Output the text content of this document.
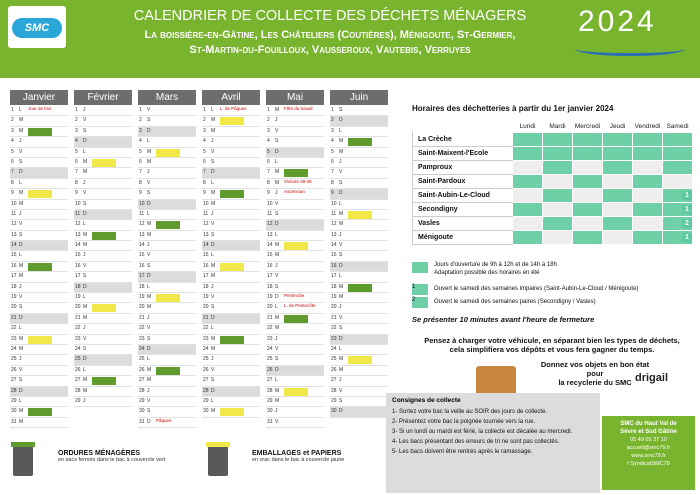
SMC
CALENDRIER DE COLLECTE DES DÉCHETS MÉNAGERS
La boissière-en-Gâtine, Les Châteliers (Coutières), Ménigoute, St-Germier,
St-Martin-du-Fouilloux, Vausseroux, Vautebis, Verruyes
2024
Janvier
1 L Jour de l'an
2 M
3 M
4 J
5 V
6 S
7 D
8 L
9 M
10 M
11 J
12 V
13 S
14 D
15 L
16 M
17 M
18 J
19 V
20 S
21 D
22 L
23 M
24 M
25 J
26 V
27 S
28 D
29 L
30 M
31 M
Février
1 J
2 V
3 S
4 D
5 L
6 M
7 M
8 J
9 V
10 S
11 D
12 L
13 M
14 M
15 J
16 V
17 S
18 D
19 L
20 M
21 M
22 J
23 V
24 S
25 D
26 L
27 M
28 M
29 J
Mars
1 V
2 S
3 D
4 L
5 M
6 M
7 J
8 V
9 S
10 D
11 L
12 M
13 M
14 J
15 V
16 S
17 D
18 L
19 M
20 M
21 J
22 V
23 S
24 D
25 L
26 M
27 M
28 J
29 V
30 S
31 D Pâques
Avril
1 L L. de Pâques
2 M
3 M
4 J
5 V
6 S
7 D
8 L
9 M
10 M
11 J
12 V
13 S
14 D
15 L
16 M
17 M
18 J
19 V
20 S
21 D
22 L
23 M
24 M
25 J
26 V
27 S
28 D
29 L
30 M
Mai
1 M Fête du travail
2 J
3 V
4 S
5 D
6 L
7 M
8 M Victoire 39-45
9 J Ascension
10 V
11 S
12 D
13 L
14 M
15 M
16 J
17 V
18 S
19 D Pentecôte
20 L L. de Pentecôte
21 M
22 M
23 J
24 V
25 S
26 D
27 L
28 M
29 M
30 J
31 V
Juin
1 S
2 D
3 L
4 M
5 M
6 J
7 V
8 S
9 D
10 L
11 M
12 M
13 J
14 V
15 S
16 D
17 L
18 M
19 M
20 J
21 V
22 S
23 D
24 L
25 M
26 M
27 J
28 V
29 S
30 D
Horaires des déchetteries à partir du 1er janvier 2024
	Lundi	Mardi	Mercredi	Jeudi	Vendredi	Samedi
La Crèche						
Saint-Maixent-l'Ecole						
Pamproux						
Saint-Pardoux						
Saint-Aubin-Le-Cloud						1

Secondigny						1

Vasles						2

Ménigoute						1
Jours d'ouverture de 9h à 12h et de 14h à 18h
Adaptation possible des horaires en été
1	Ouvert le samedi des semaines impaires (Saint-Aubin-Le-Cloud / Ménigoute)
2	Ouvert le samedi des semaines paires (Secondigny / Vasles)
Se présenter 10 minutes avant l'heure de fermeture
Pensez à charger votre véhicule, en séparant bien les types de déchets,
cela simplifiera vos dépôts et vous fera gagner du temps.
Donnez vos objets en bon état pour
la recyclerie du SMC drigail
Consignes de collecte
1- Sortez votre bac la veille au SOIR des jours de collecte.
2- Présentez votre bac la poignée tournée vers la rue.
3- Si un lundi ou mardi est férié, la collecte est décalée au mercredi.
4- Les bacs présentant des erreurs de tri ne sont pas collectés.
5- Les bacs doivent être rentrés après le ramassage.
SMC du Haut Val de
Sèvre et Sud Gâtine
05 49 05 37 10
accueil@smc79.fr
www.smc79.fr
f SyndicatSMC79
ORDURES MÉNAGÈRES
en sacs fermés dans le bac à couvercle vert
EMBALLAGES et PAPIERS
en vrac dans le bac à couvercle jaune
